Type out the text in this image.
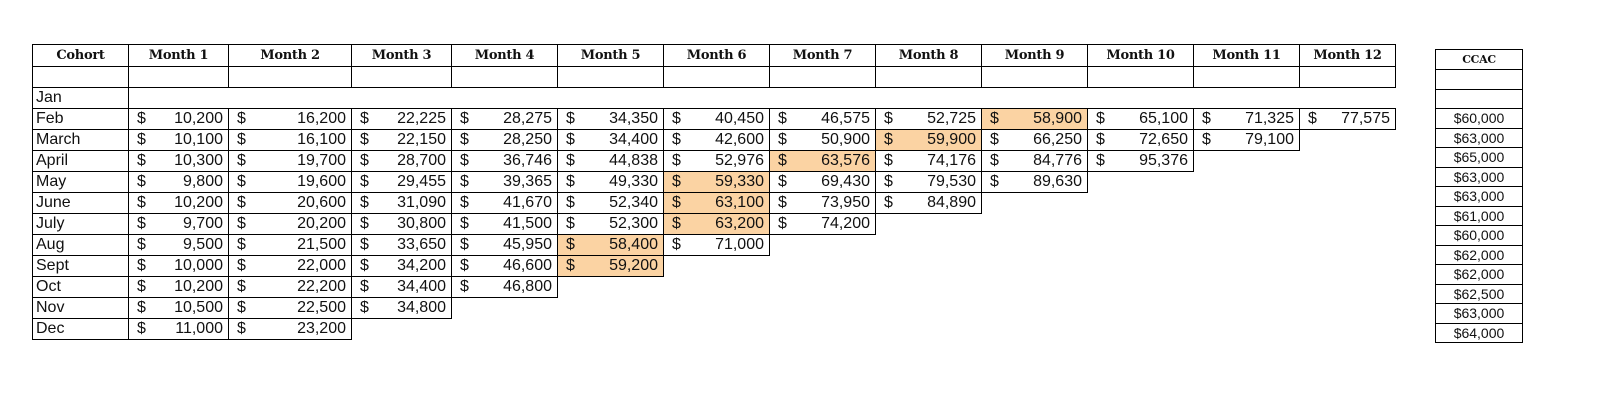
Cohort	Month 1	Month 2	Month 3	Month 4	Month 5	Month 6	Month 7	Month 8	Month 9	Month 10	Month 11	Month 12

Jan												
Feb	$ 10,200	$ 16,200	$ 22,225	$ 28,275	$ 34,350	$ 40,450	$ 46,575	$ 52,725	$ 58,900	$ 65,100	$ 71,325	$ 77,575

March	$ 10,100	$ 16,100	$ 22,150	$ 28,250	$ 34,400	$ 42,600	$ 50,900	$ 59,900	$ 66,250	$ 72,650	$ 79,100	

April	$ 10,300	$ 19,700	$ 28,700	$ 36,746	$ 44,838	$ 52,976	$ 63,576	$ 74,176	$ 84,776	$ 95,376		

May	$ 9,800	$ 19,600	$ 29,455	$ 39,365	$ 49,330	$ 59,330	$ 69,430	$ 79,530	$ 89,630			

June	$ 10,200	$ 20,600	$ 31,090	$ 41,670	$ 52,340	$ 63,100	$ 73,950	$ 84,890				

July	$ 9,700	$ 20,200	$ 30,800	$ 41,500	$ 52,300	$ 63,200	$ 74,200					

Aug	$ 9,500	$ 21,500	$ 33,650	$ 45,950	$ 58,400	$ 71,000						

Sept	$ 10,000	$ 22,000	$ 34,200	$ 46,600	$ 59,200							

Oct	$ 10,200	$ 22,200	$ 34,400	$ 46,800								

Nov	$ 10,500	$ 22,500	$ 34,800									

Dec	$ 11,000	$ 23,200										

CCAC

$60,000
$63,000
$65,000
$63,000
$63,000
$61,000
$60,000
$62,000
$62,000
$62,500
$63,000
$64,000
